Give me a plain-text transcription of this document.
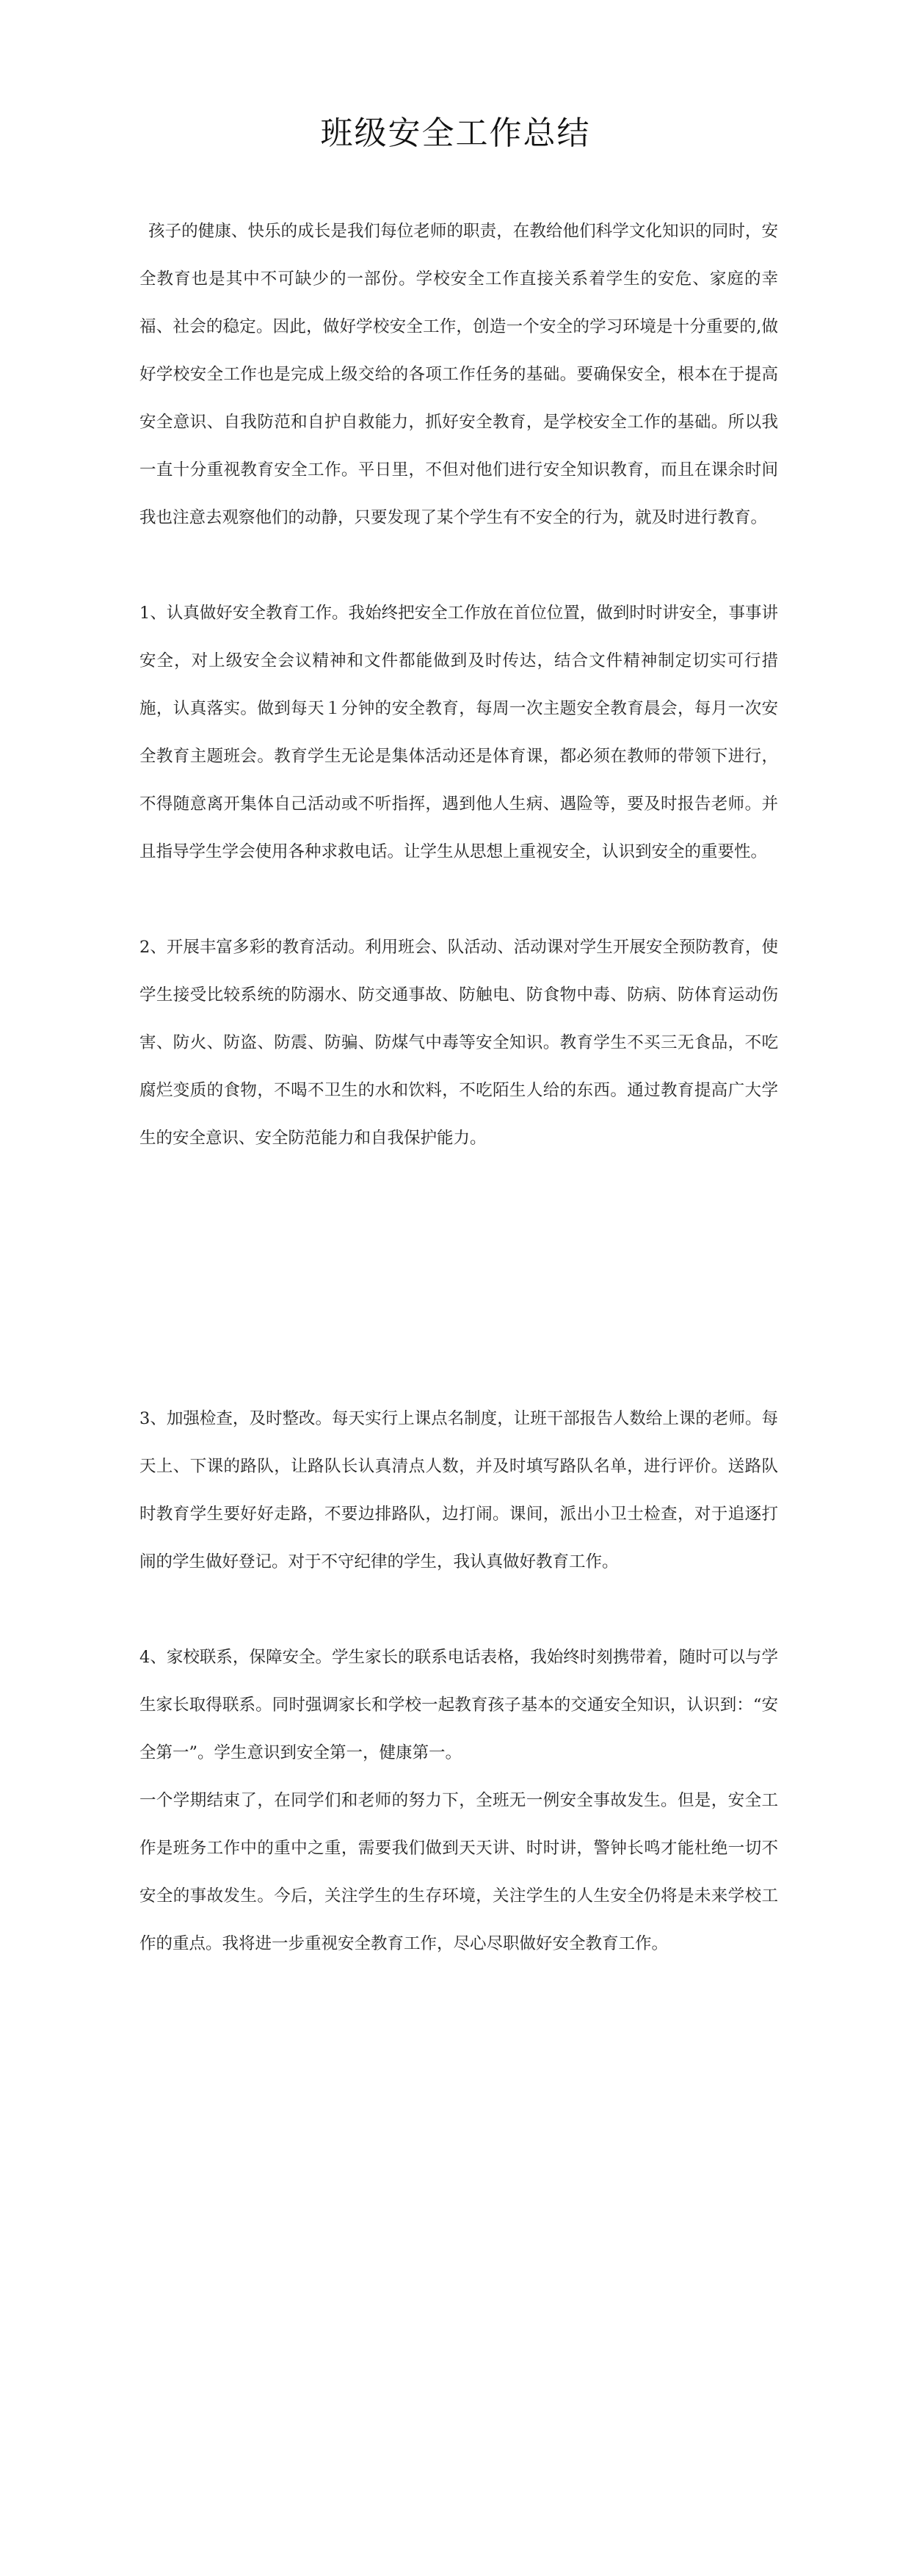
班级安全工作总结

孩子的健康、快乐的成长是我们每位老师的职责，在教给他们科学文化知识的同时，安全教育也是其中不可缺少的一部份。学校安全工作直接关系着学生的安危、家庭的幸福、社会的稳定。因此，做好学校安全工作，创造一个安全的学习环境是十分重要的,做好学校安全工作也是完成上级交给的各项工作任务的基础。要确保安全，根本在于提高安全意识、自我防范和自护自救能力，抓好安全教育，是学校安全工作的基础。所以我一直十分重视教育安全工作。平日里，不但对他们进行安全知识教育，而且在课余时间我也注意去观察他们的动静，只要发现了某个学生有不安全的行为，就及时进行教育。

1、认真做好安全教育工作。我始终把安全工作放在首位位置，做到时时讲安全，事事讲安全，对上级安全会议精神和文件都能做到及时传达，结合文件精神制定切实可行措施，认真落实。做到每天１分钟的安全教育，每周一次主题安全教育晨会，每月一次安全教育主题班会。教育学生无论是集体活动还是体育课，都必须在教师的带领下进行，不得随意离开集体自己活动或不听指挥，遇到他人生病、遇险等，要及时报告老师。并且指导学生学会使用各种求救电话。让学生从思想上重视安全，认识到安全的重要性。

2、开展丰富多彩的教育活动。利用班会、队活动、活动课对学生开展安全预防教育，使学生接受比较系统的防溺水、防交通事故、防触电、防食物中毒、防病、防体育运动伤害、防火、防盗、防震、防骗、防煤气中毒等安全知识。教育学生不买三无食品，不吃腐烂变质的食物，不喝不卫生的水和饮料，不吃陌生人给的东西。通过教育提高广大学生的安全意识、安全防范能力和自我保护能力。

3、加强检查，及时整改。每天实行上课点名制度，让班干部报告人数给上课的老师。每天上、下课的路队，让路队长认真清点人数，并及时填写路队名单，进行评价。送路队时教育学生要好好走路，不要边排路队，边打闹。课间，派出小卫士检查，对于追逐打闹的学生做好登记。对于不守纪律的学生，我认真做好教育工作。

4、家校联系，保障安全。学生家长的联系电话表格，我始终时刻携带着，随时可以与学生家长取得联系。同时强调家长和学校一起教育孩子基本的交通安全知识，认识到：“安全第一”。学生意识到安全第一，健康第一。

一个学期结束了，在同学们和老师的努力下，全班无一例安全事故发生。但是，安全工作是班务工作中的重中之重，需要我们做到天天讲、时时讲，警钟长鸣才能杜绝一切不安全的事故发生。今后，关注学生的生存环境，关注学生的人生安全仍将是未来学校工作的重点。我将进一步重视安全教育工作，尽心尽职做好安全教育工作。
